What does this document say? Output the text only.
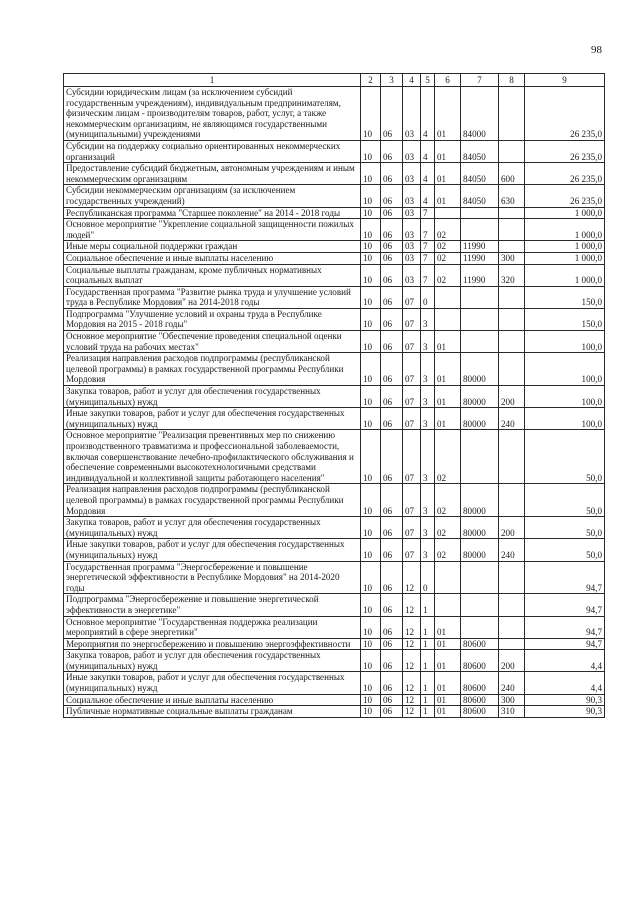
98
1	2	3	4	5	6	7	8	9
Субсидии юридическим лицам (за исключением субсидий государственным учреждениям), индивидуальным предпринимателям, физическим лицам - производителям товаров, работ, услуг, а также некоммерческим организациям, не являющимся государственными (муниципальными) учреждениями	10	06	03	4	01	84000		26 235,0
Субсидии на поддержку социально ориентированных некоммерческих организаций	10	06	03	4	01	84050		26 235,0
Предоставление субсидий бюджетным, автономным учреждениям и иным некоммерческим организациям	10	06	03	4	01	84050	600	26 235,0
Субсидии некоммерческим организациям (за исключением государственных учреждений)	10	06	03	4	01	84050	630	26 235,0
Республиканская программа "Старшее поколение" на 2014 - 2018 годы	10	06	03	7				1 000,0
Основное мероприятие "Укрепление социальной защищенности пожилых людей"	10	06	03	7	02			1 000,0
Иные меры социальной поддержки граждан	10	06	03	7	02	11990		1 000,0
Социальное обеспечение и иные выплаты населению	10	06	03	7	02	11990	300	1 000,0
Социальные выплаты гражданам, кроме публичных нормативных социальных выплат	10	06	03	7	02	11990	320	1 000,0
Государственная программа "Развитие рынка труда и улучшение условий труда в Республике Мордовия" на 2014-2018 годы	10	06	07	0				150,0
Подпрограмма "Улучшение условий и охраны труда в Республике Мордовия на 2015 - 2018 годы"	10	06	07	3				150,0
Основное мероприятие "Обеспечение проведения специальной оценки условий труда на рабочих местах"	10	06	07	3	01			100,0
Реализация направления расходов подпрограммы (республиканской целевой программы) в рамках государственной программы Республики Мордовия	10	06	07	3	01	80000		100,0
Закупка товаров, работ и услуг для обеспечения государственных (муниципальных) нужд	10	06	07	3	01	80000	200	100,0
Иные закупки товаров, работ и услуг для обеспечения государственных (муниципальных) нужд	10	06	07	3	01	80000	240	100,0
Основное мероприятие "Реализация превентивных мер по снижению производственного травматизма и профессиональной заболеваемости, включая совершенствование лечебно-профилактического обслуживания и обеспечение современными высокотехнологичными средствами индивидуальной и коллективной защиты работающего населения"	10	06	07	3	02			50,0
Реализация направления расходов подпрограммы (республиканской целевой программы) в рамках государственной программы Республики Мордовия	10	06	07	3	02	80000		50,0
Закупка товаров, работ и услуг для обеспечения государственных (муниципальных) нужд	10	06	07	3	02	80000	200	50,0
Иные закупки товаров, работ и услуг для обеспечения государственных (муниципальных) нужд	10	06	07	3	02	80000	240	50,0
Государственная программа "Энергосбережение и повышение энергетической эффективности в Республике Мордовия" на 2014-2020 годы	10	06	12	0				94,7
Подпрограмма "Энергосбережение и повышение энергетической эффективности в энергетике"	10	06	12	1				94,7
Основное мероприятие "Государственная поддержка реализации мероприятий в сфере энергетики"	10	06	12	1	01			94,7
Мероприятия по энергосбережению и повышению энергоэффективности	10	06	12	1	01	80600		94,7
Закупка товаров, работ и услуг для обеспечения государственных (муниципальных) нужд	10	06	12	1	01	80600	200	4,4
Иные закупки товаров, работ и услуг для обеспечения государственных (муниципальных) нужд	10	06	12	1	01	80600	240	4,4
Социальное обеспечение и иные выплаты населению	10	06	12	1	01	80600	300	90,3
Публичные нормативные социальные выплаты гражданам	10	06	12	1	01	80600	310	90,3
